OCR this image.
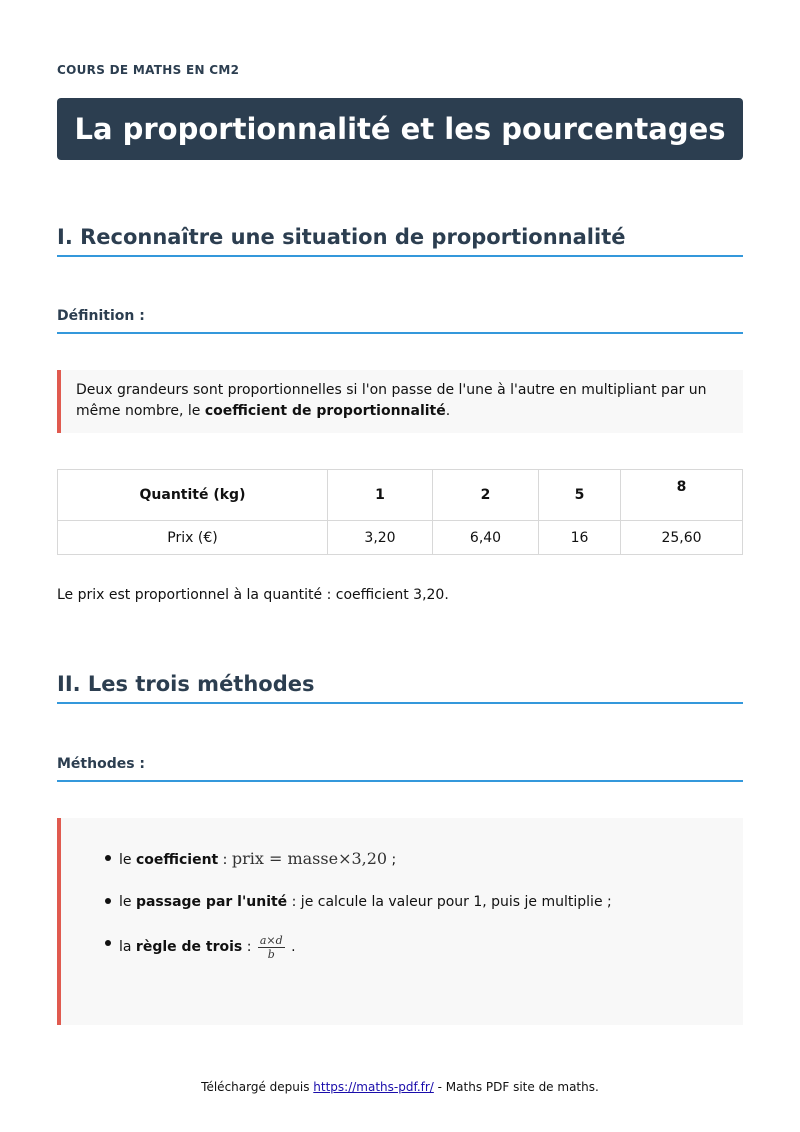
COURS DE MATHS EN CM2
La proportionnalité et les pourcentages
I. Reconnaître une situation de proportionnalité
Définition :
Deux grandeurs sont proportionnelles si l'on passe de l'une à l'autre en multipliant par un même nombre, le coefficient de proportionnalité.
Quantité (kg)	1	2	5	8
Prix (€)	3,20	6,40	16	25,60
Le prix est proportionnel à la quantité : coefficient 3,20.
II. Les trois méthodes
Méthodes :
le coefficient : prix = masse×3,20 ;
le passage par l'unité : je calcule la valeur pour 1, puis je multiplie ;
la règle de trois : $\frac{a\times d}{b}$ .
Téléchargé depuis https://maths-pdf.fr/ - Maths PDF site de maths.
